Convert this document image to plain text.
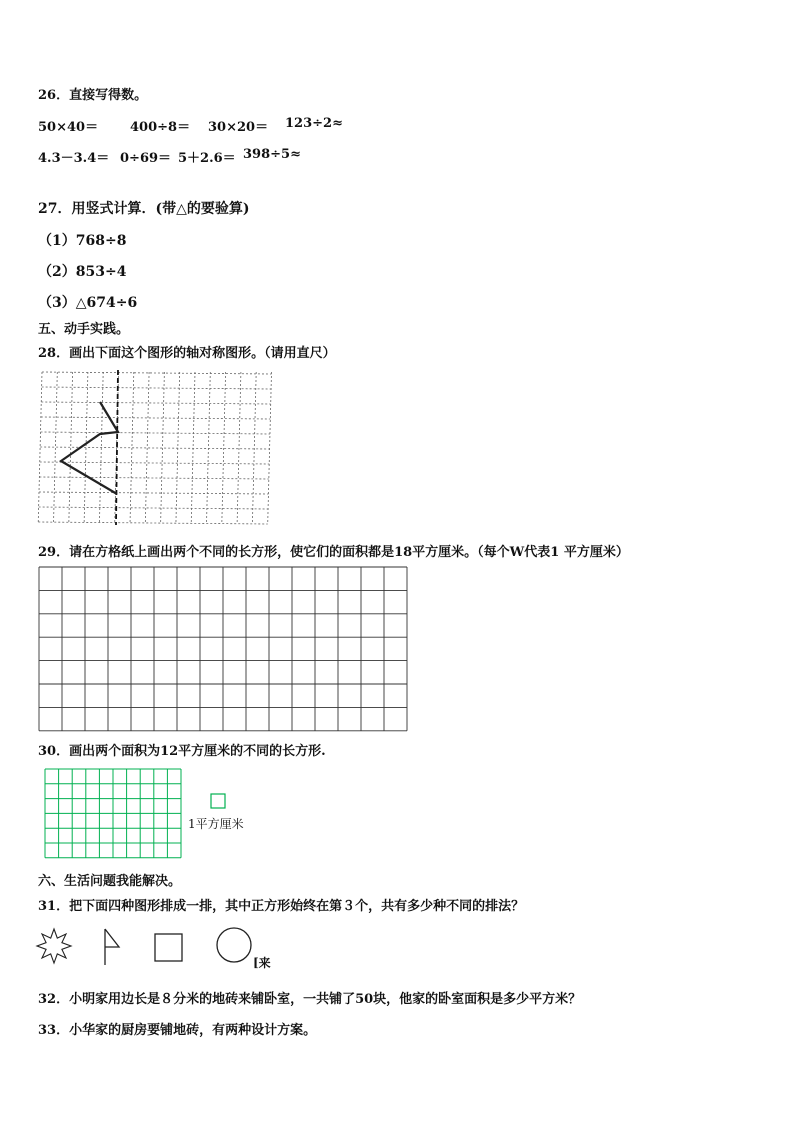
26．直接写得数。
50×40＝ 400÷8＝ 30×20＝ 123÷2≈
4.3－3.4＝ 0÷69＝ 5＋2.6＝ 398÷5≈
27．用竖式计算．(带△的要验算)
（1）768÷8
（2）853÷4
（3）△674÷6
五、动手实践。
28．画出下面这个图形的轴对称图形。（请用直尺）
29．请在方格纸上画出两个不同的长方形，使它们的面积都是18平方厘米。（每个W代表1 平方厘米）
30．画出两个面积为12平方厘米的不同的长方形.
1平方厘米
六、生活问题我能解决。
31．把下面四种图形排成一排，其中正方形始终在第３个，共有多少种不同的排法？
[来
32．小明家用边长是８分米的地砖来铺卧室，一共铺了50块，他家的卧室面积是多少平方米？
33．小华家的厨房要铺地砖，有两种设计方案。
